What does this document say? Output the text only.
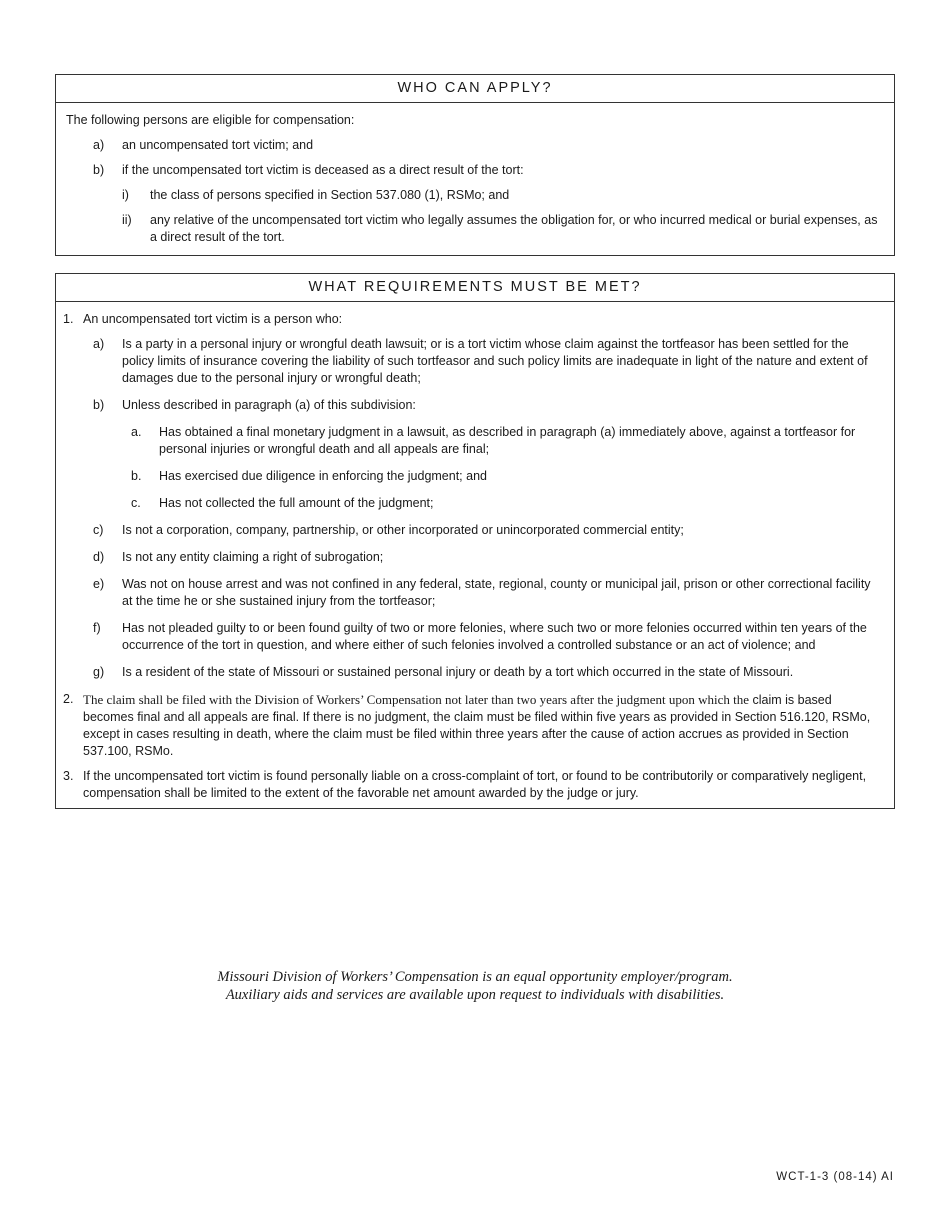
WHO CAN APPLY?
The following persons are eligible for compensation:
a) an uncompensated tort victim; and
b) if the uncompensated tort victim is deceased as a direct result of the tort:
i) the class of persons specified in Section 537.080 (1), RSMo; and
ii) any relative of the uncompensated tort victim who legally assumes the obligation for, or who incurred medical or burial expenses, as a direct result of the tort.
WHAT REQUIREMENTS MUST BE MET?
1. An uncompensated tort victim is a person who:
a) Is a party in a personal injury or wrongful death lawsuit; or is a tort victim whose claim against the tortfeasor has been settled for the policy limits of insurance covering the liability of such tortfeasor and such policy limits are inadequate in light of the nature and extent of damages due to the personal injury or wrongful death;
b) Unless described in paragraph (a) of this subdivision:
a. Has obtained a final monetary judgment in a lawsuit, as described in paragraph (a) immediately above, against a tortfeasor for personal injuries or wrongful death and all appeals are final;
b. Has exercised due diligence in enforcing the judgment; and
c. Has not collected the full amount of the judgment;
c) Is not a corporation, company, partnership, or other incorporated or unincorporated commercial entity;
d) Is not any entity claiming a right of subrogation;
e) Was not on house arrest and was not confined in any federal, state, regional, county or municipal jail, prison or other correctional facility at the time he or she sustained injury from the tortfeasor;
f) Has not pleaded guilty to or been found guilty of two or more felonies, where such two or more felonies occurred within ten years of the occurrence of the tort in question, and where either of such felonies involved a controlled substance or an act of violence; and
g) Is a resident of the state of Missouri or sustained personal injury or death by a tort which occurred in the state of Missouri.
2. The claim shall be filed with the Division of Workers’ Compensation not later than two years after the judgment upon which the claim is based becomes final and all appeals are final. If there is no judgment, the claim must be filed within five years as provided in Section 516.120, RSMo, except in cases resulting in death, where the claim must be filed within three years after the cause of action accrues as provided in Section 537.100, RSMo.
3. If the uncompensated tort victim is found personally liable on a cross-complaint of tort, or found to be contributorily or comparatively negligent, compensation shall be limited to the extent of the favorable net amount awarded by the judge or jury.
Missouri Division of Workers’ Compensation is an equal opportunity employer/program.
Auxiliary aids and services are available upon request to individuals with disabilities.
WCT-1-3 (08-14) AI
